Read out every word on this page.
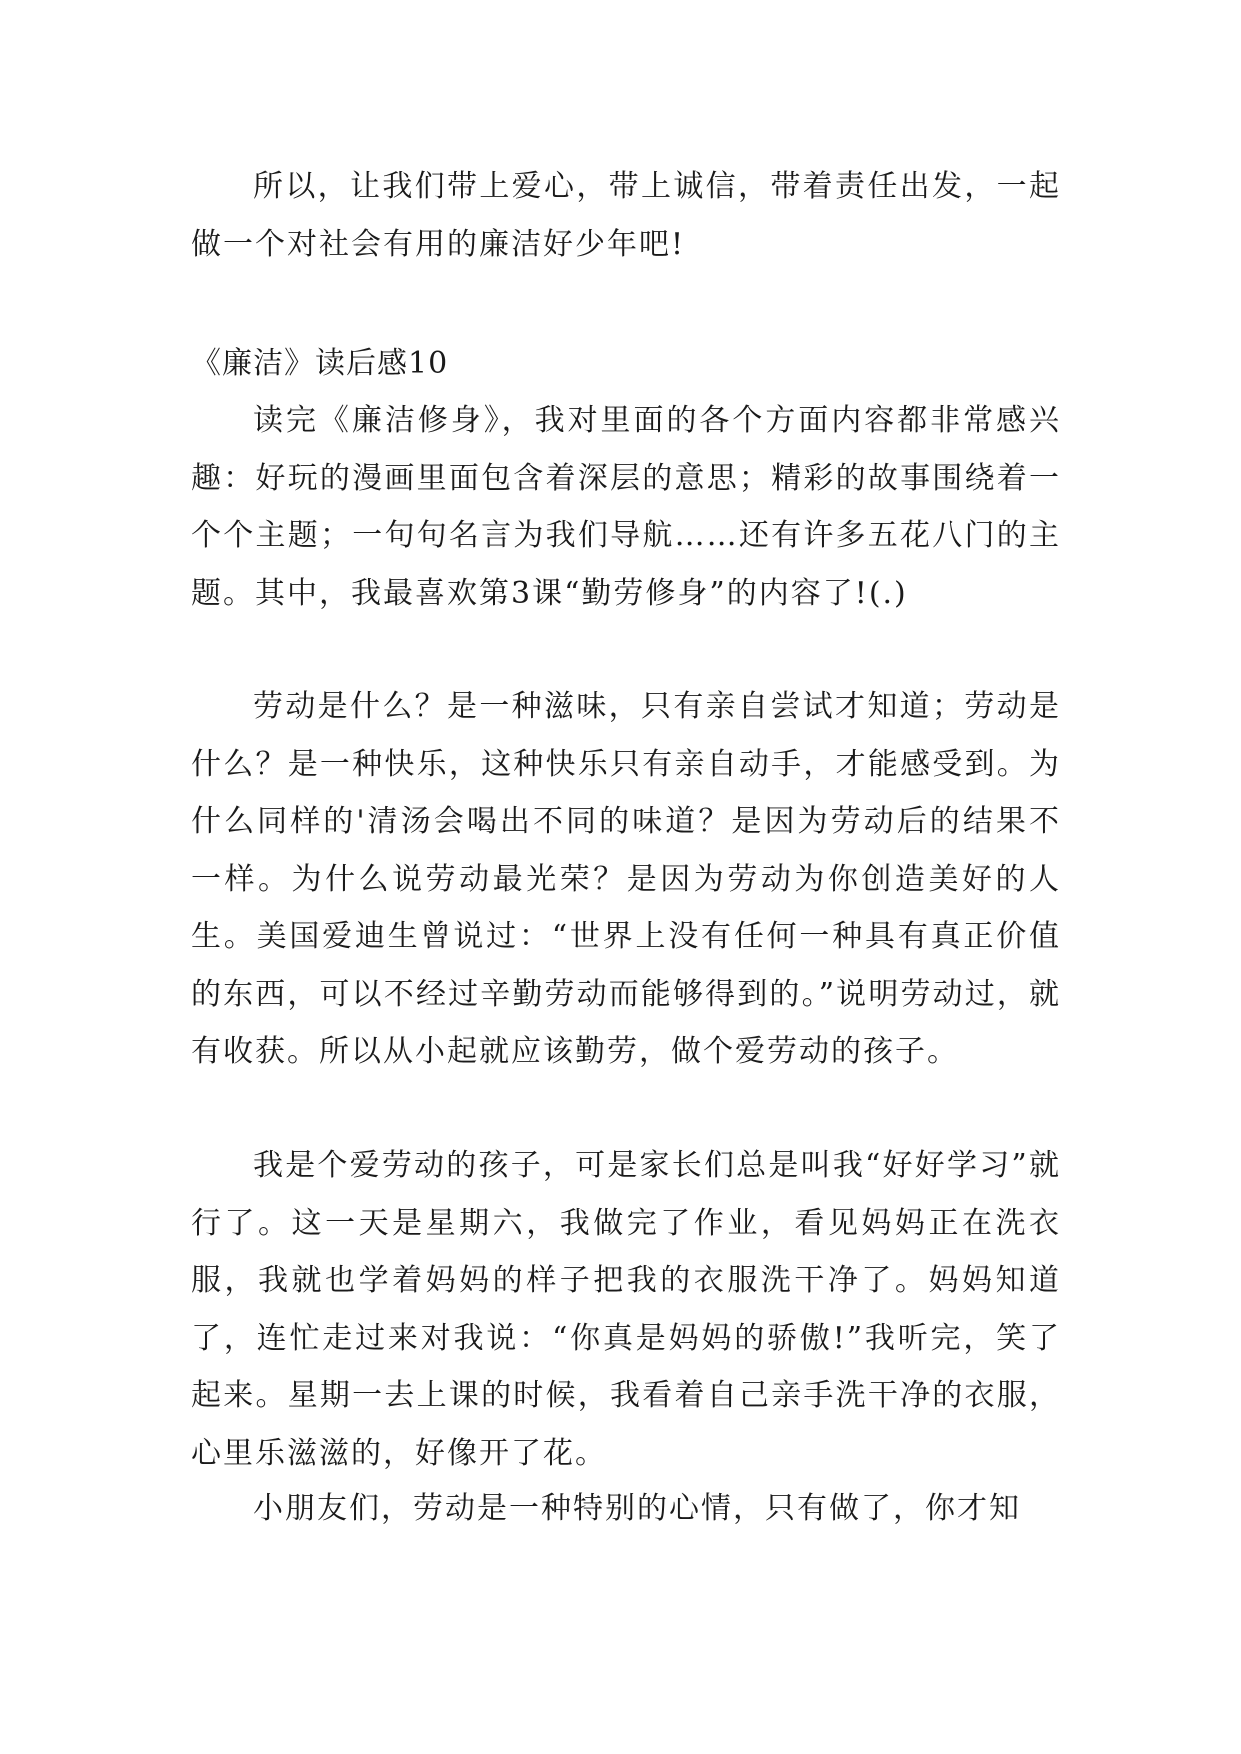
所以，让我们带上爱心，带上诚信，带着责任出发，一起做一个对社会有用的廉洁好少年吧!

《廉洁》读后感10

读完《廉洁修身》，我对里面的各个方面内容都非常感兴趣：好玩的漫画里面包含着深层的意思；精彩的故事围绕着一个个主题；一句句名言为我们导航……还有许多五花八门的主题。其中，我最喜欢第3课“勤劳修身”的内容了!(.)

劳动是什么？是一种滋味，只有亲自尝试才知道；劳动是什么？是一种快乐，这种快乐只有亲自动手，才能感受到。为什么同样的'清汤会喝出不同的味道？是因为劳动后的结果不一样。为什么说劳动最光荣？是因为劳动为你创造美好的人生。美国爱迪生曾说过：“世界上没有任何一种具有真正价值的东西，可以不经过辛勤劳动而能够得到的。”说明劳动过，就有收获。所以从小起就应该勤劳，做个爱劳动的孩子。

我是个爱劳动的孩子，可是家长们总是叫我“好好学习”就行了。这一天是星期六，我做完了作业，看见妈妈正在洗衣服，我就也学着妈妈的样子把我的衣服洗干净了。妈妈知道了，连忙走过来对我说：“你真是妈妈的骄傲!”我听完，笑了起来。星期一去上课的时候，我看着自己亲手洗干净的衣服，心里乐滋滋的，好像开了花。

小朋友们，劳动是一种特别的心情，只有做了，你才知
